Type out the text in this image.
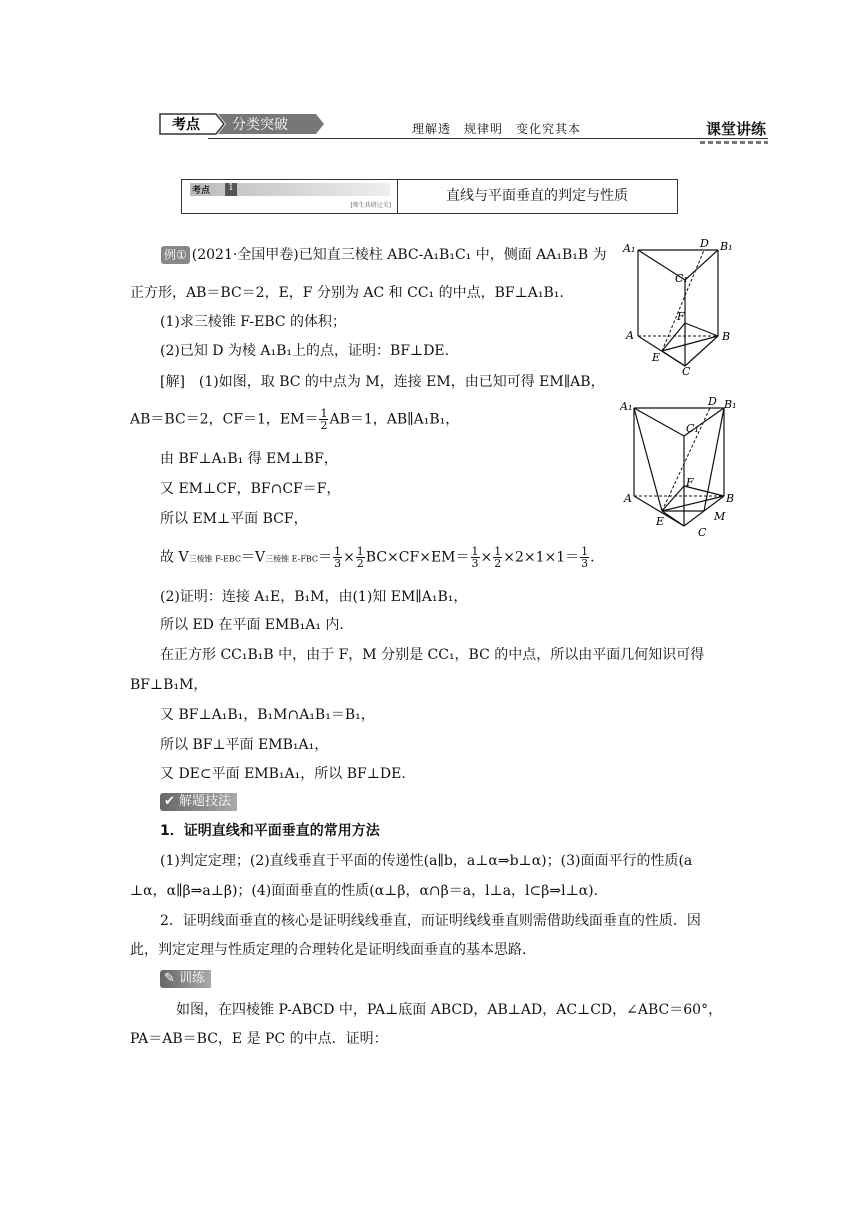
考点 分类突破	理解透　规律明　变化究其本	课堂讲练
考点	1
[师生共研过关]
直线与平面垂直的判定与性质
例① (2021·全国甲卷)已知直三棱柱 ABC-A₁B₁C₁ 中，侧面 AA₁B₁B 为
正方形，AB＝BC＝2，E，F 分别为 AC 和 CC₁ 的中点，BF⊥A₁B₁.
(1)求三棱锥 F-EBC 的体积；
(2)已知 D 为棱 A₁B₁上的点，证明：BF⊥DE.
[解]　(1)如图，取 BC 的中点为 M，连接 EM，由已知可得 EM∥AB，
AB＝BC＝2，CF＝1，$EM= \frac{1}{2} AB=1$，AB∥A₁B₁，
由 BF⊥A₁B₁ 得 EM⊥BF，
又 EM⊥CF，BF∩CF＝F，
所以 EM⊥平面 BCF，
故 V三棱锥 F-EBC＝V三棱锥 $E-FBC= \frac{1}{3} \times \frac{1}{2} BC\times CF\times EM= \frac{1}{3} \times \frac{1}{2} \times 2\times 1\times 1= \frac{1}{3}$ .
(2)证明：连接 A₁E，B₁M，由(1)知 EM∥A₁B₁，
所以 ED 在平面 EMB₁A₁ 内.
在正方形 CC₁B₁B 中，由于 F，M 分别是 CC₁，BC 的中点，所以由平面几何知识可得
BF⊥B₁M，
又 BF⊥A₁B₁，B₁M∩A₁B₁＝B₁，
所以 BF⊥平面 EMB₁A₁，
又 DE⊂平面 EMB₁A₁，所以 BF⊥DE.
✔ 解题技法
1．证明直线和平面垂直的常用方法
(1)判定定理；(2)直线垂直于平面的传递性(a∥b，a⊥α⇒b⊥α)；(3)面面平行的性质(a
⊥α，α∥β⇒a⊥β)；(4)面面垂直的性质(α⊥β，α∩β＝a，l⊥a，l⊂β⇒l⊥α).
2．证明线面垂直的核心是证明线线垂直，而证明线线垂直则需借助线面垂直的性质．因
此，判定定理与性质定理的合理转化是证明线面垂直的基本思路.
✎ 训练
如图，在四棱锥 P-ABCD 中，PA⊥底面 ABCD，AB⊥AD，AC⊥CD，∠ABC＝60°，
PA＝AB＝BC，E 是 PC 的中点．证明：
A₁	D B₁
C₁
F
A	B
E
C
A₁	D B₁
C₁
F
A	B
E
C
M
